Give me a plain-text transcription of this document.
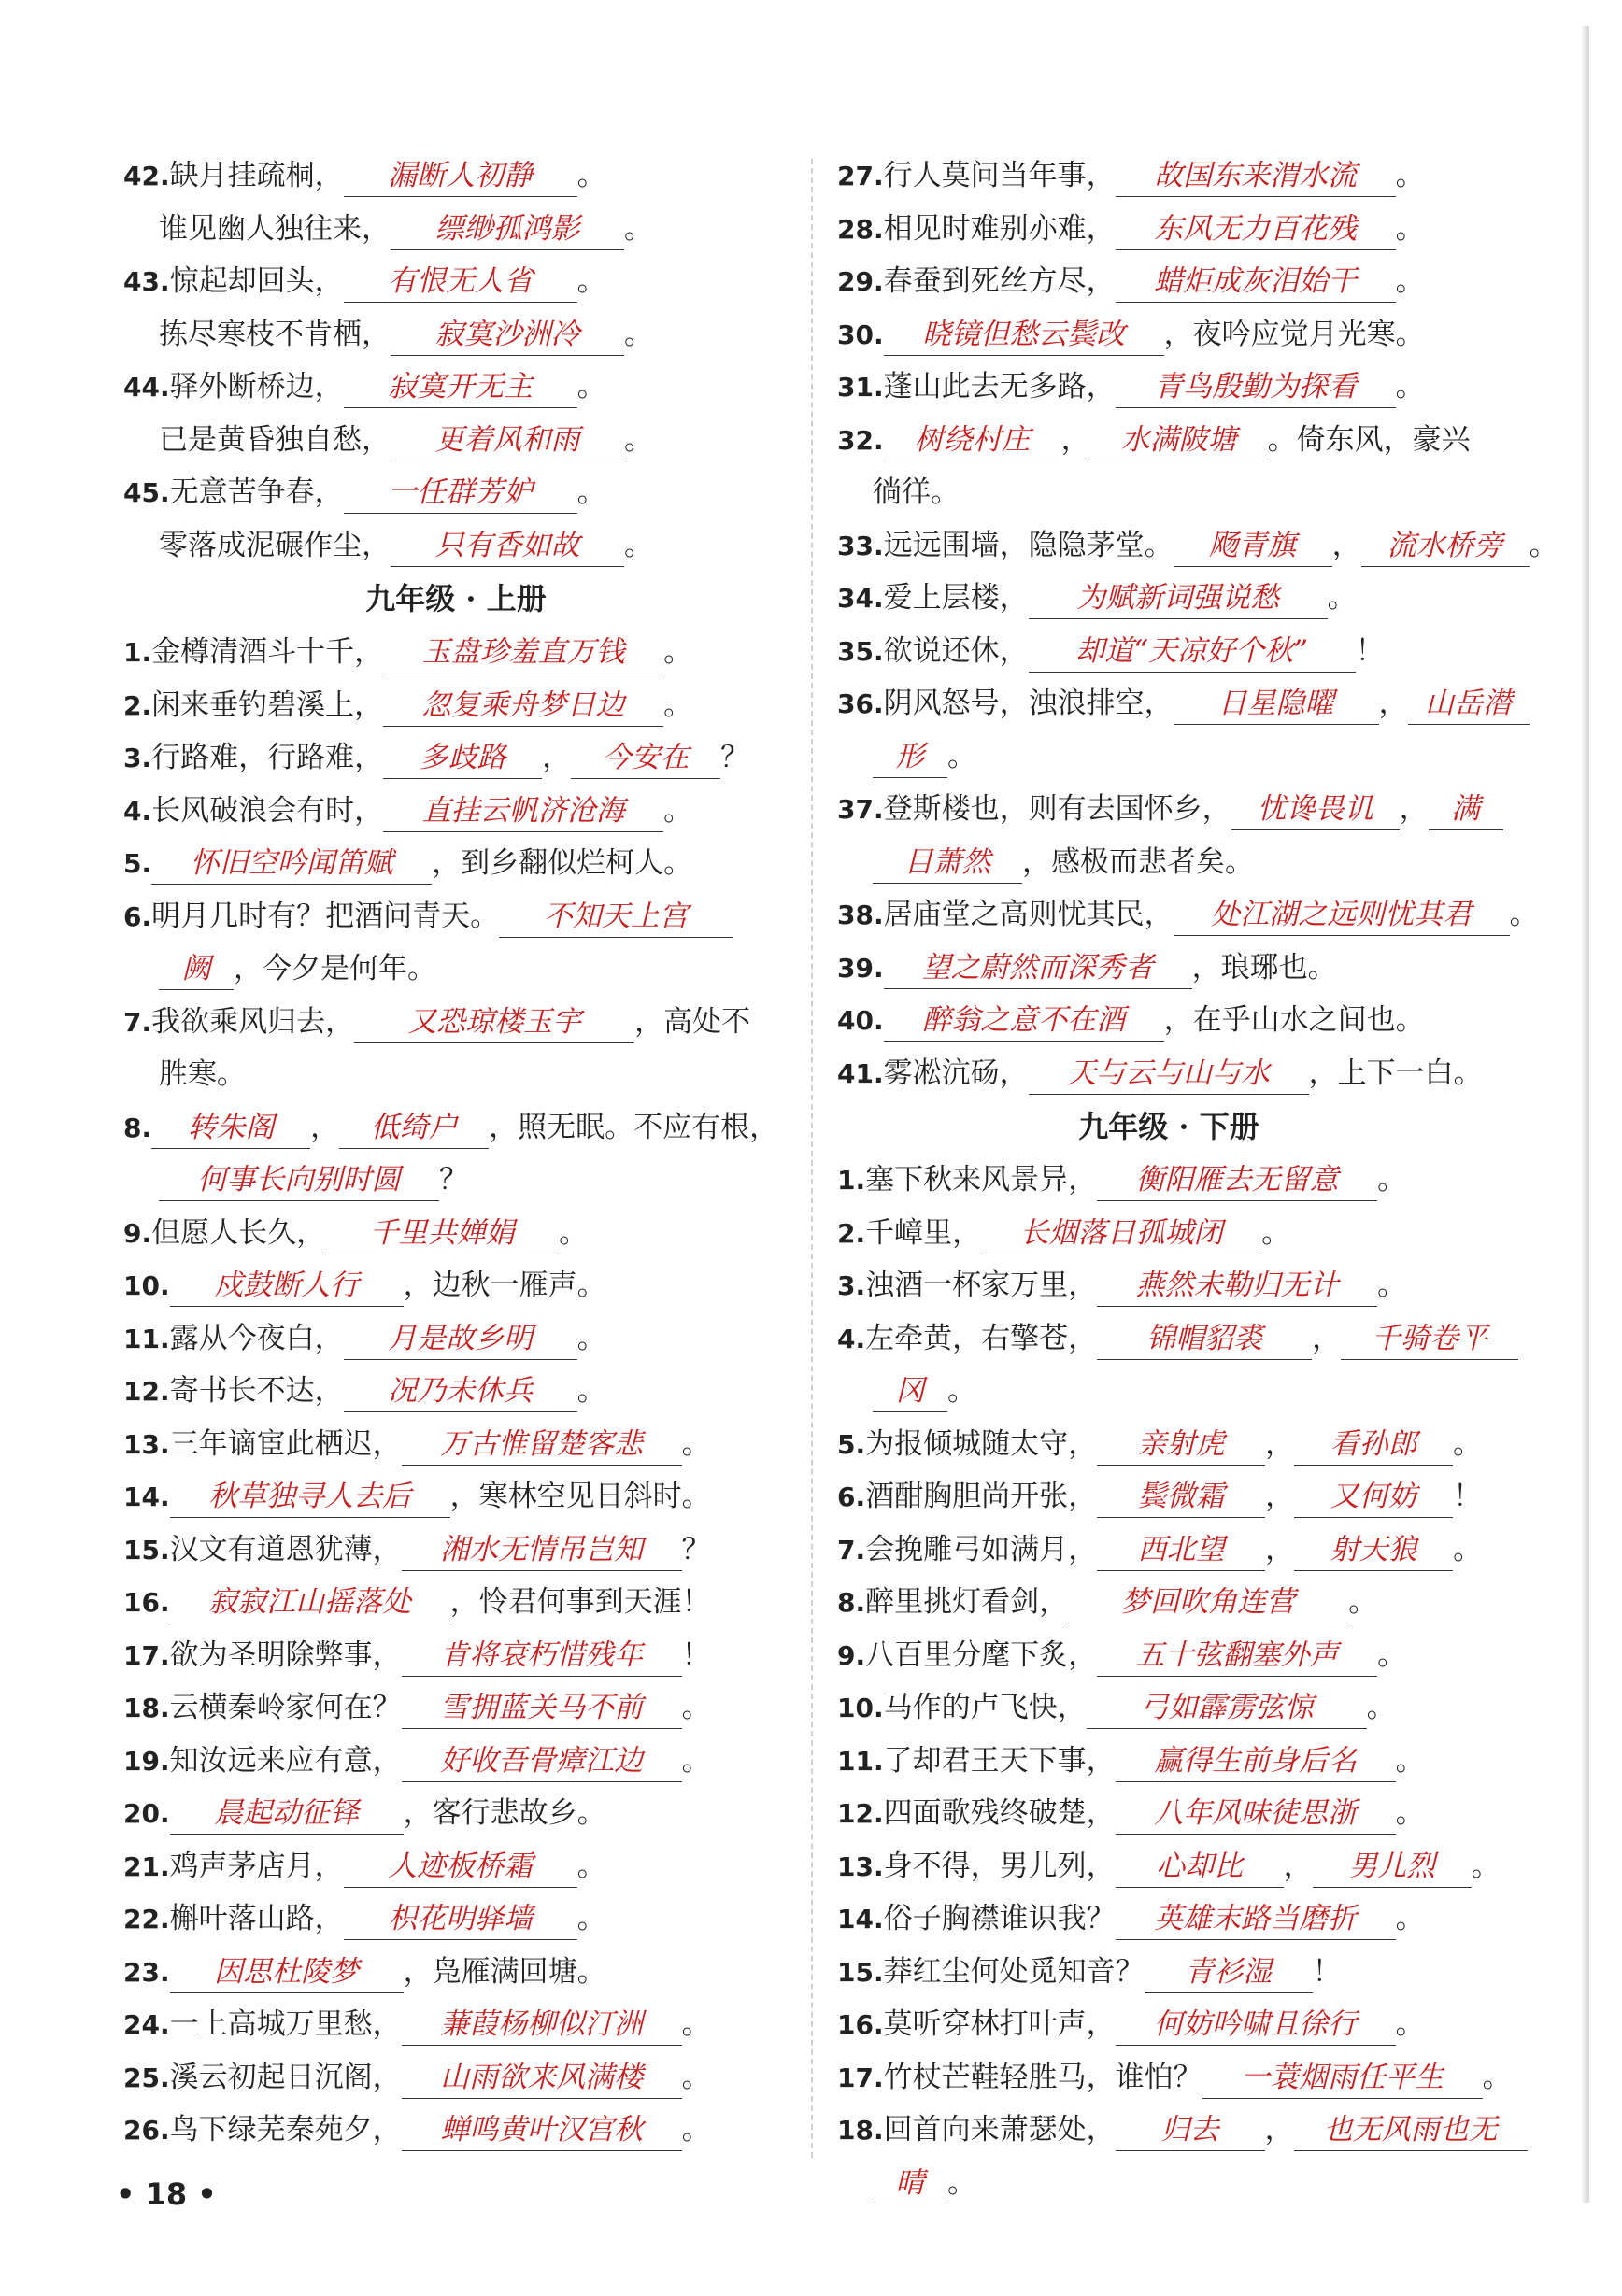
42.缺月挂疏桐， 漏断人初静 。
谁见幽人独往来， 缥缈孤鸿影 。
43.惊起却回头， 有恨无人省 。
拣尽寒枝不肯栖， 寂寞沙洲冷 。
44.驿外断桥边， 寂寞开无主 。
已是黄昏独自愁， 更着风和雨 。
45.无意苦争春， 一任群芳妒 。
零落成泥碾作尘， 只有香如故 。
九年级 · 上册
1.金樽清酒斗十千， 玉盘珍羞直万钱 。
2.闲来垂钓碧溪上， 忽复乘舟梦日边 。
3.行路难，行路难， 多歧路 ， 今安在 ？
4.长风破浪会有时， 直挂云帆济沧海 。
5. 怀旧空吟闻笛赋 ，到乡翻似烂柯人。
6.明月几时有？把酒问青天。 不知天上宫
阙 ，今夕是何年。
7.我欲乘风归去， 又恐琼楼玉宇 ，高处不
胜寒。
8. 转朱阁 ， 低绮户 ，照无眠。不应有根，
何事长向别时圆 ？
9.但愿人长久， 千里共婵娟 。
10. 戍鼓断人行 ，边秋一雁声。
11.露从今夜白， 月是故乡明 。
12.寄书长不达， 况乃未休兵 。
13.三年谪宦此栖迟， 万古惟留楚客悲 。
14. 秋草独寻人去后 ，寒林空见日斜时。
15.汉文有道恩犹薄， 湘水无情吊岂知 ？
16. 寂寂江山摇落处 ，怜君何事到天涯！
17.欲为圣明除弊事， 肯将衰朽惜残年 ！
18.云横秦岭家何在？ 雪拥蓝关马不前 。
19.知汝远来应有意， 好收吾骨瘴江边 。
20. 晨起动征铎 ，客行悲故乡。
21.鸡声茅店月， 人迹板桥霜 。
22.槲叶落山路， 枳花明驿墙 。
23. 因思杜陵梦 ，凫雁满回塘。
24.一上高城万里愁， 蒹葭杨柳似汀洲 。
25.溪云初起日沉阁， 山雨欲来风满楼 。
26.鸟下绿芜秦苑夕， 蝉鸣黄叶汉宫秋 。
27.行人莫问当年事， 故国东来渭水流 。
28.相见时难别亦难， 东风无力百花残 。
29.春蚕到死丝方尽， 蜡炬成灰泪始干 。
30. 晓镜但愁云鬓改 ，夜吟应觉月光寒。
31.蓬山此去无多路， 青鸟殷勤为探看 。
32. 树绕村庄 ， 水满陂塘 。倚东风，豪兴
徜徉。
33.远远围墙，隐隐茅堂。 飏青旗 ， 流水桥旁 。
34.爱上层楼， 为赋新词强说愁 。
35.欲说还休， 却道“天凉好个秋” ！
36.阴风怒号，浊浪排空， 日星隐曜 ， 山岳潜
形 。
37.登斯楼也，则有去国怀乡， 忧谗畏讥 ， 满
目萧然 ，感极而悲者矣。
38.居庙堂之高则忧其民， 处江湖之远则忧其君 。
39. 望之蔚然而深秀者 ，琅琊也。
40. 醉翁之意不在酒 ，在乎山水之间也。
41.雾凇沆砀， 天与云与山与水 ，上下一白。
九年级 · 下册
1.塞下秋来风景异， 衡阳雁去无留意 。
2.千嶂里， 长烟落日孤城闭 。
3.浊酒一杯家万里， 燕然未勒归无计 。
4.左牵黄，右擎苍， 锦帽貂裘 ， 千骑卷平
冈 。
5.为报倾城随太守， 亲射虎 ， 看孙郎 。
6.酒酣胸胆尚开张， 鬓微霜 ， 又何妨 ！
7.会挽雕弓如满月， 西北望 ， 射天狼 。
8.醉里挑灯看剑， 梦回吹角连营 。
9.八百里分麾下炙， 五十弦翻塞外声 。
10.马作的卢飞快， 弓如霹雳弦惊 。
11.了却君王天下事， 赢得生前身后名 。
12.四面歌残终破楚， 八年风味徒思浙 。
13.身不得，男儿列， 心却比 ， 男儿烈 。
14.俗子胸襟谁识我？ 英雄末路当磨折 。
15.莽红尘何处觅知音？ 青衫湿 ！
16.莫听穿林打叶声， 何妨吟啸且徐行 。
17.竹杖芒鞋轻胜马，谁怕？ 一蓑烟雨任平生 。
18.回首向来萧瑟处， 归去 ， 也无风雨也无
晴 。
• 18 •
